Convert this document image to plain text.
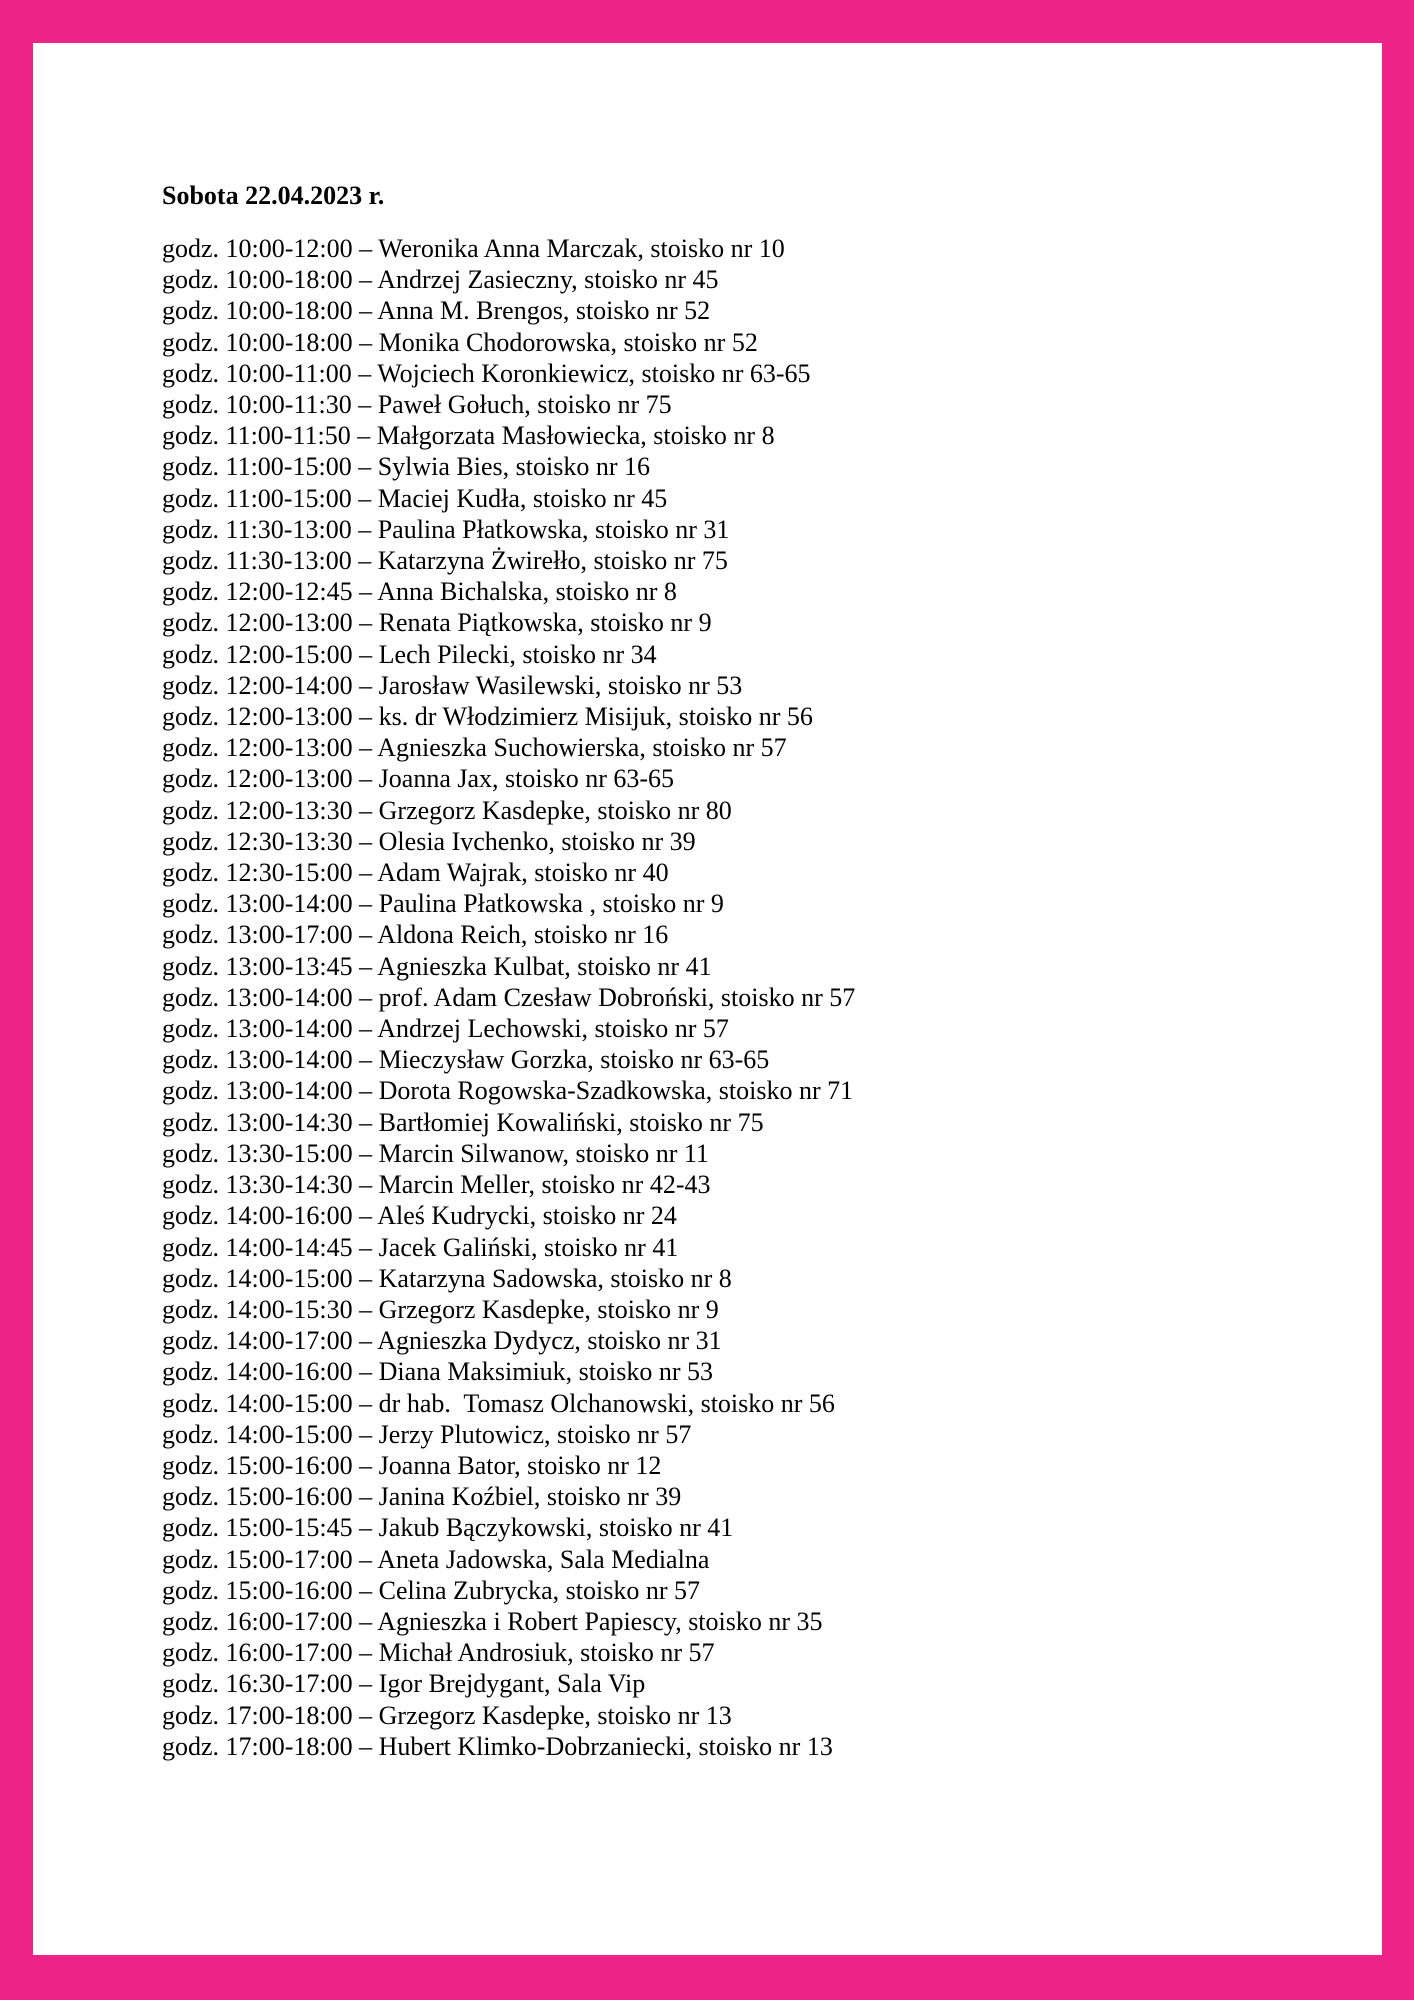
Sobota 22.04.2023 r.
godz. 10:00-12:00 – Weronika Anna Marczak, stoisko nr 10
godz. 10:00-18:00 – Andrzej Zasieczny, stoisko nr 45
godz. 10:00-18:00 – Anna M. Brengos, stoisko nr 52
godz. 10:00-18:00 – Monika Chodorowska, stoisko nr 52
godz. 10:00-11:00 – Wojciech Koronkiewicz, stoisko nr 63-65
godz. 10:00-11:30 – Paweł Gołuch, stoisko nr 75
godz. 11:00-11:50 – Małgorzata Masłowiecka, stoisko nr 8
godz. 11:00-15:00 – Sylwia Bies, stoisko nr 16
godz. 11:00-15:00 – Maciej Kudła, stoisko nr 45
godz. 11:30-13:00 – Paulina Płatkowska, stoisko nr 31
godz. 11:30-13:00 – Katarzyna Żwirełło, stoisko nr 75
godz. 12:00-12:45 – Anna Bichalska, stoisko nr 8
godz. 12:00-13:00 – Renata Piątkowska, stoisko nr 9
godz. 12:00-15:00 – Lech Pilecki, stoisko nr 34
godz. 12:00-14:00 – Jarosław Wasilewski, stoisko nr 53
godz. 12:00-13:00 – ks. dr Włodzimierz Misijuk, stoisko nr 56
godz. 12:00-13:00 – Agnieszka Suchowierska, stoisko nr 57
godz. 12:00-13:00 – Joanna Jax, stoisko nr 63-65
godz. 12:00-13:30 – Grzegorz Kasdepke, stoisko nr 80
godz. 12:30-13:30 – Olesia Ivchenko, stoisko nr 39
godz. 12:30-15:00 – Adam Wajrak, stoisko nr 40
godz. 13:00-14:00 – Paulina Płatkowska , stoisko nr 9
godz. 13:00-17:00 – Aldona Reich, stoisko nr 16
godz. 13:00-13:45 – Agnieszka Kulbat, stoisko nr 41
godz. 13:00-14:00 – prof. Adam Czesław Dobroński, stoisko nr 57
godz. 13:00-14:00 – Andrzej Lechowski, stoisko nr 57
godz. 13:00-14:00 – Mieczysław Gorzka, stoisko nr 63-65
godz. 13:00-14:00 – Dorota Rogowska-Szadkowska, stoisko nr 71
godz. 13:00-14:30 – Bartłomiej Kowaliński, stoisko nr 75
godz. 13:30-15:00 – Marcin Silwanow, stoisko nr 11
godz. 13:30-14:30 – Marcin Meller, stoisko nr 42-43
godz. 14:00-16:00 – Aleś Kudrycki, stoisko nr 24
godz. 14:00-14:45 – Jacek Galiński, stoisko nr 41
godz. 14:00-15:00 – Katarzyna Sadowska, stoisko nr 8
godz. 14:00-15:30 – Grzegorz Kasdepke, stoisko nr 9
godz. 14:00-17:00 – Agnieszka Dydycz, stoisko nr 31
godz. 14:00-16:00 – Diana Maksimiuk, stoisko nr 53
godz. 14:00-15:00 – dr hab.  Tomasz Olchanowski, stoisko nr 56
godz. 14:00-15:00 – Jerzy Plutowicz, stoisko nr 57
godz. 15:00-16:00 – Joanna Bator, stoisko nr 12
godz. 15:00-16:00 – Janina Koźbiel, stoisko nr 39
godz. 15:00-15:45 – Jakub Bączykowski, stoisko nr 41
godz. 15:00-17:00 – Aneta Jadowska, Sala Medialna
godz. 15:00-16:00 – Celina Zubrycka, stoisko nr 57
godz. 16:00-17:00 – Agnieszka i Robert Papiescy, stoisko nr 35
godz. 16:00-17:00 – Michał Androsiuk, stoisko nr 57
godz. 16:30-17:00 – Igor Brejdygant, Sala Vip
godz. 17:00-18:00 – Grzegorz Kasdepke, stoisko nr 13
godz. 17:00-18:00 – Hubert Klimko-Dobrzaniecki, stoisko nr 13
